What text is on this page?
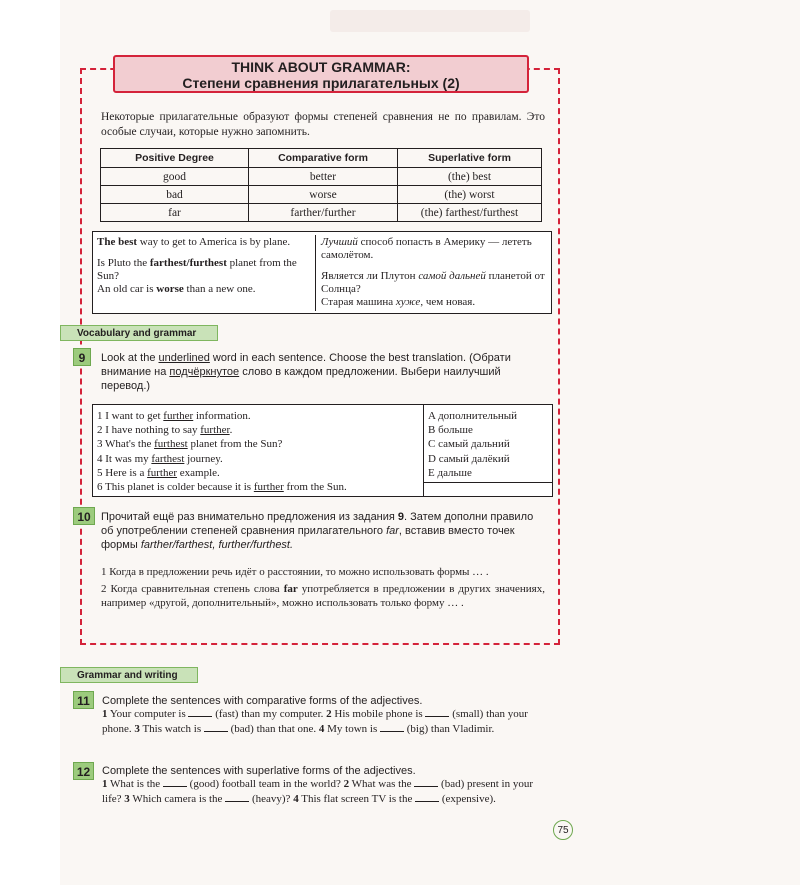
THINK ABOUT GRAMMAR:
Степени сравнения прилагательных (2)
Некоторые прилагательные образуют формы степеней сравнения не по правилам. Это особые случаи, которые нужно запомнить.
Positive Degree	Comparative form	Superlative form
good	better	(the) best
bad	worse	(the) worst
far	farther/further	(the) farthest/furthest
The best way to get to America is by plane.
Is Pluto the farthest/furthest planet from the Sun?
An old car is worse than a new one.
Лучший способ попасть в Америку — лететь самолётом.
Является ли Плутон самой дальней планетой от Солнца?
Старая машина хуже, чем новая.
Vocabulary and grammar
9	Look at the underlined word in each sentence. Choose the best translation. (Обрати внимание на подчёркнутое слово в каждом предложении. Выбери наилучший перевод.)
1 I want to get further information.
2 I have nothing to say further.
3 What's the furthest planet from the Sun?
4 It was my farthest journey.
5 Here is a further example.
6 This planet is colder because it is further from the Sun.
A дополнительный
B больше
C самый дальний
D самый далёкий
E дальше
10 Прочитай ещё раз внимательно предложения из задания 9. Затем дополни правило об употреблении степеней сравнения прилагательного far, вставив вместо точек формы farther/farthest, further/furthest.
1 Когда в предложении речь идёт о расстоянии, то можно использовать формы … .
2 Когда сравнительная степень слова far употребляется в предложении в других значениях, например «другой, дополнительный», можно использовать только форму … .
Grammar and writing
11	Complete the sentences with comparative forms of the adjectives.
1 Your computer is  (fast) than my computer. 2 His mobile phone is  (small) than your phone. 3 This watch is  (bad) than that one. 4 My town is  (big) than Vladimir.
12	Complete the sentences with superlative forms of the adjectives.
1 What is the  (good) football team in the world? 2 What was the  (bad) present in your life? 3 Which camera is the  (heavy)? 4 This flat screen TV is the  (expensive).
75
